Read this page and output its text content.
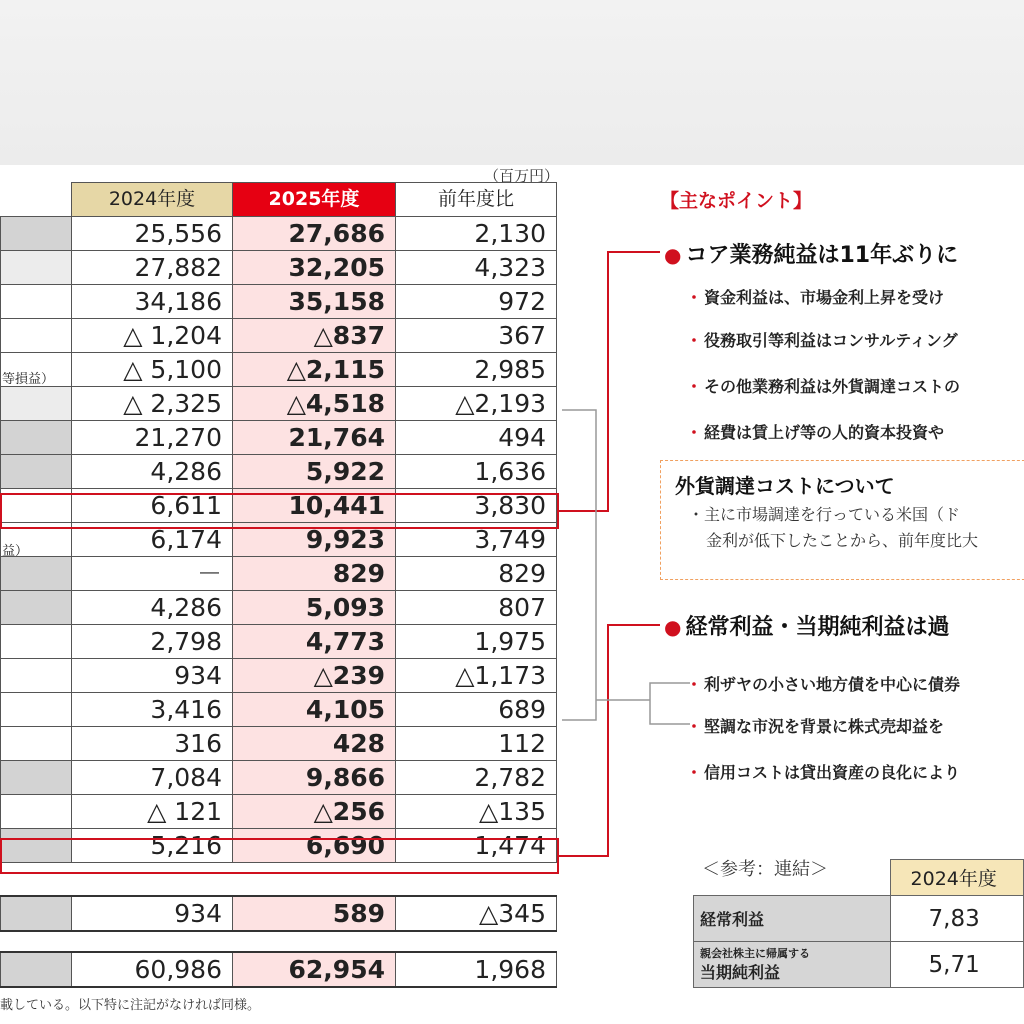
（百万円）
	2024年度	2025年度	前年度比
	25,556	27,686	2,130
	27,882	32,205	4,323
	34,186	35,158	972
	△ 1,204	△837	367
	△ 5,100	△2,115	2,985
	△ 2,325	△4,518	△2,193
	21,270	21,764	494
	4,286	5,922	1,636
	6,611	10,441	3,830
	6,174	9,923	3,749
	－	829	829
	4,286	5,093	807
	2,798	4,773	1,975
	934	△239	△1,173
	3,416	4,105	689
	316	428	112
	7,084	9,866	2,782
	△ 121	△256	△135
	5,216	6,690	1,474
	934	589	△345
	60,986	62,954	1,968
等損益）
益）
載している。以下特に注記がなければ同様。
【主なポイント】
● コア業務純益は11年ぶりに
・ 資金利益は、市場金利上昇を受け
・ 役務取引等利益はコンサルティング
・ その他業務利益は外貨調達コストの
・ 経費は賃上げ等の人的資本投資や
外貨調達コストについて
・主に市場調達を行っている米国（ド
金利が低下したことから、前年度比大
● 経常利益・当期純利益は過
・ 利ザヤの小さい地方債を中心に債券
・ 堅調な市況を背景に株式売却益を
・ 信用コストは貸出資産の良化により
＜参考：連結＞
		2024年度

経常利益	7,83

親会社株主に帰属する
当期純利益	5,71
